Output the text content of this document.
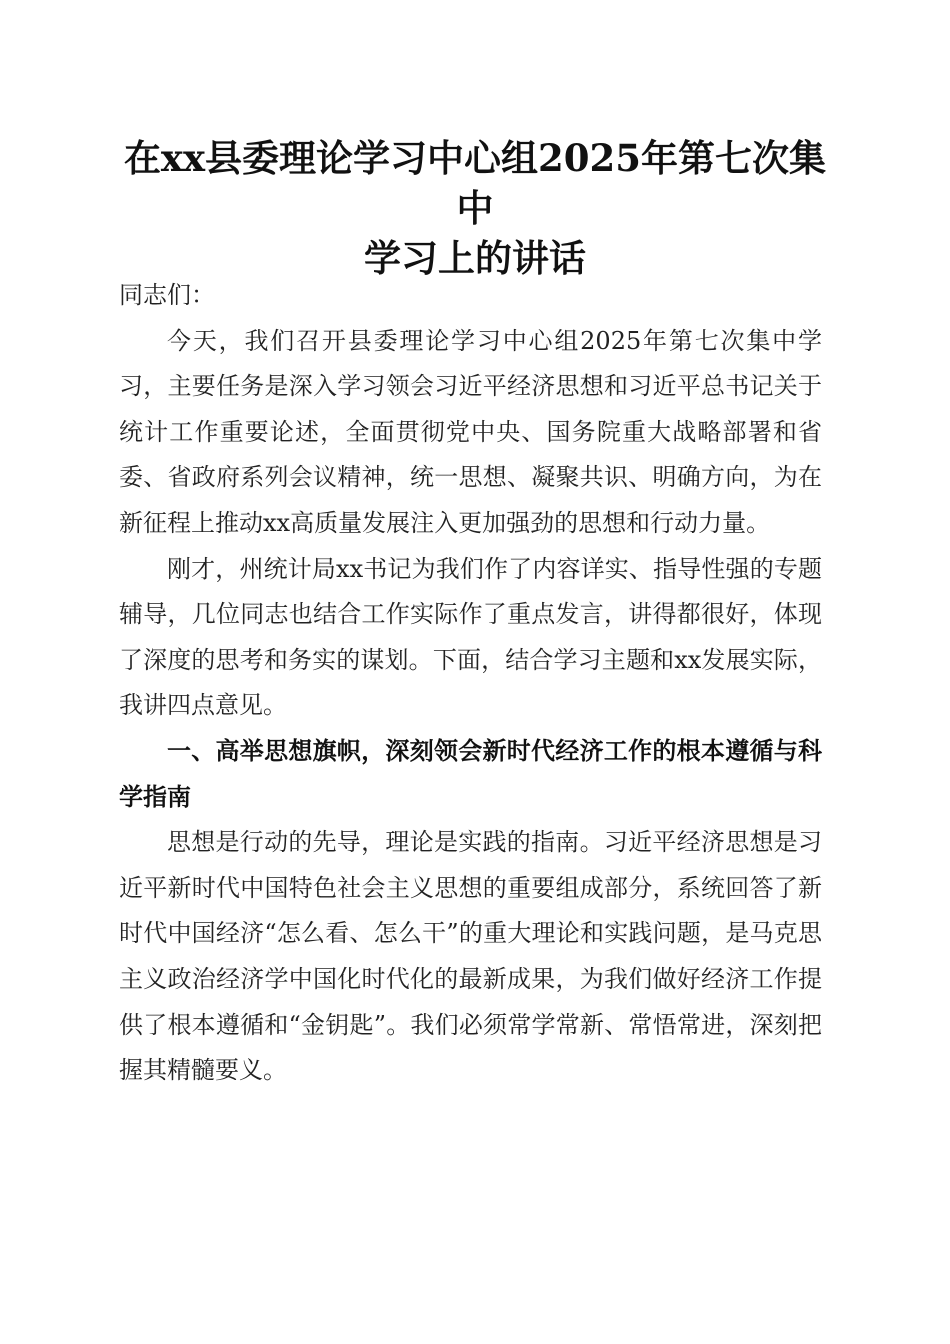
在xx县委理论学习中心组2025年第七次集中
学习上的讲话

同志们：

今天，我们召开县委理论学习中心组2025年第七次集中学习，主要任务是深入学习领会习近平经济思想和习近平总书记关于统计工作重要论述，全面贯彻党中央、国务院重大战略部署和省委、省政府系列会议精神，统一思想、凝聚共识、明确方向，为在新征程上推动xx高质量发展注入更加强劲的思想和行动力量。

刚才，州统计局xx书记为我们作了内容详实、指导性强的专题辅导，几位同志也结合工作实际作了重点发言，讲得都很好，体现了深度的思考和务实的谋划。下面，结合学习主题和xx发展实际，我讲四点意见。

一、高举思想旗帜，深刻领会新时代经济工作的根本遵循与科学指南

思想是行动的先导，理论是实践的指南。习近平经济思想是习近平新时代中国特色社会主义思想的重要组成部分，系统回答了新时代中国经济“怎么看、怎么干”的重大理论和实践问题，是马克思主义政治经济学中国化时代化的最新成果，为我们做好经济工作提供了根本遵循和“金钥匙”。我们必须常学常新、常悟常进，深刻把握其精髓要义。
